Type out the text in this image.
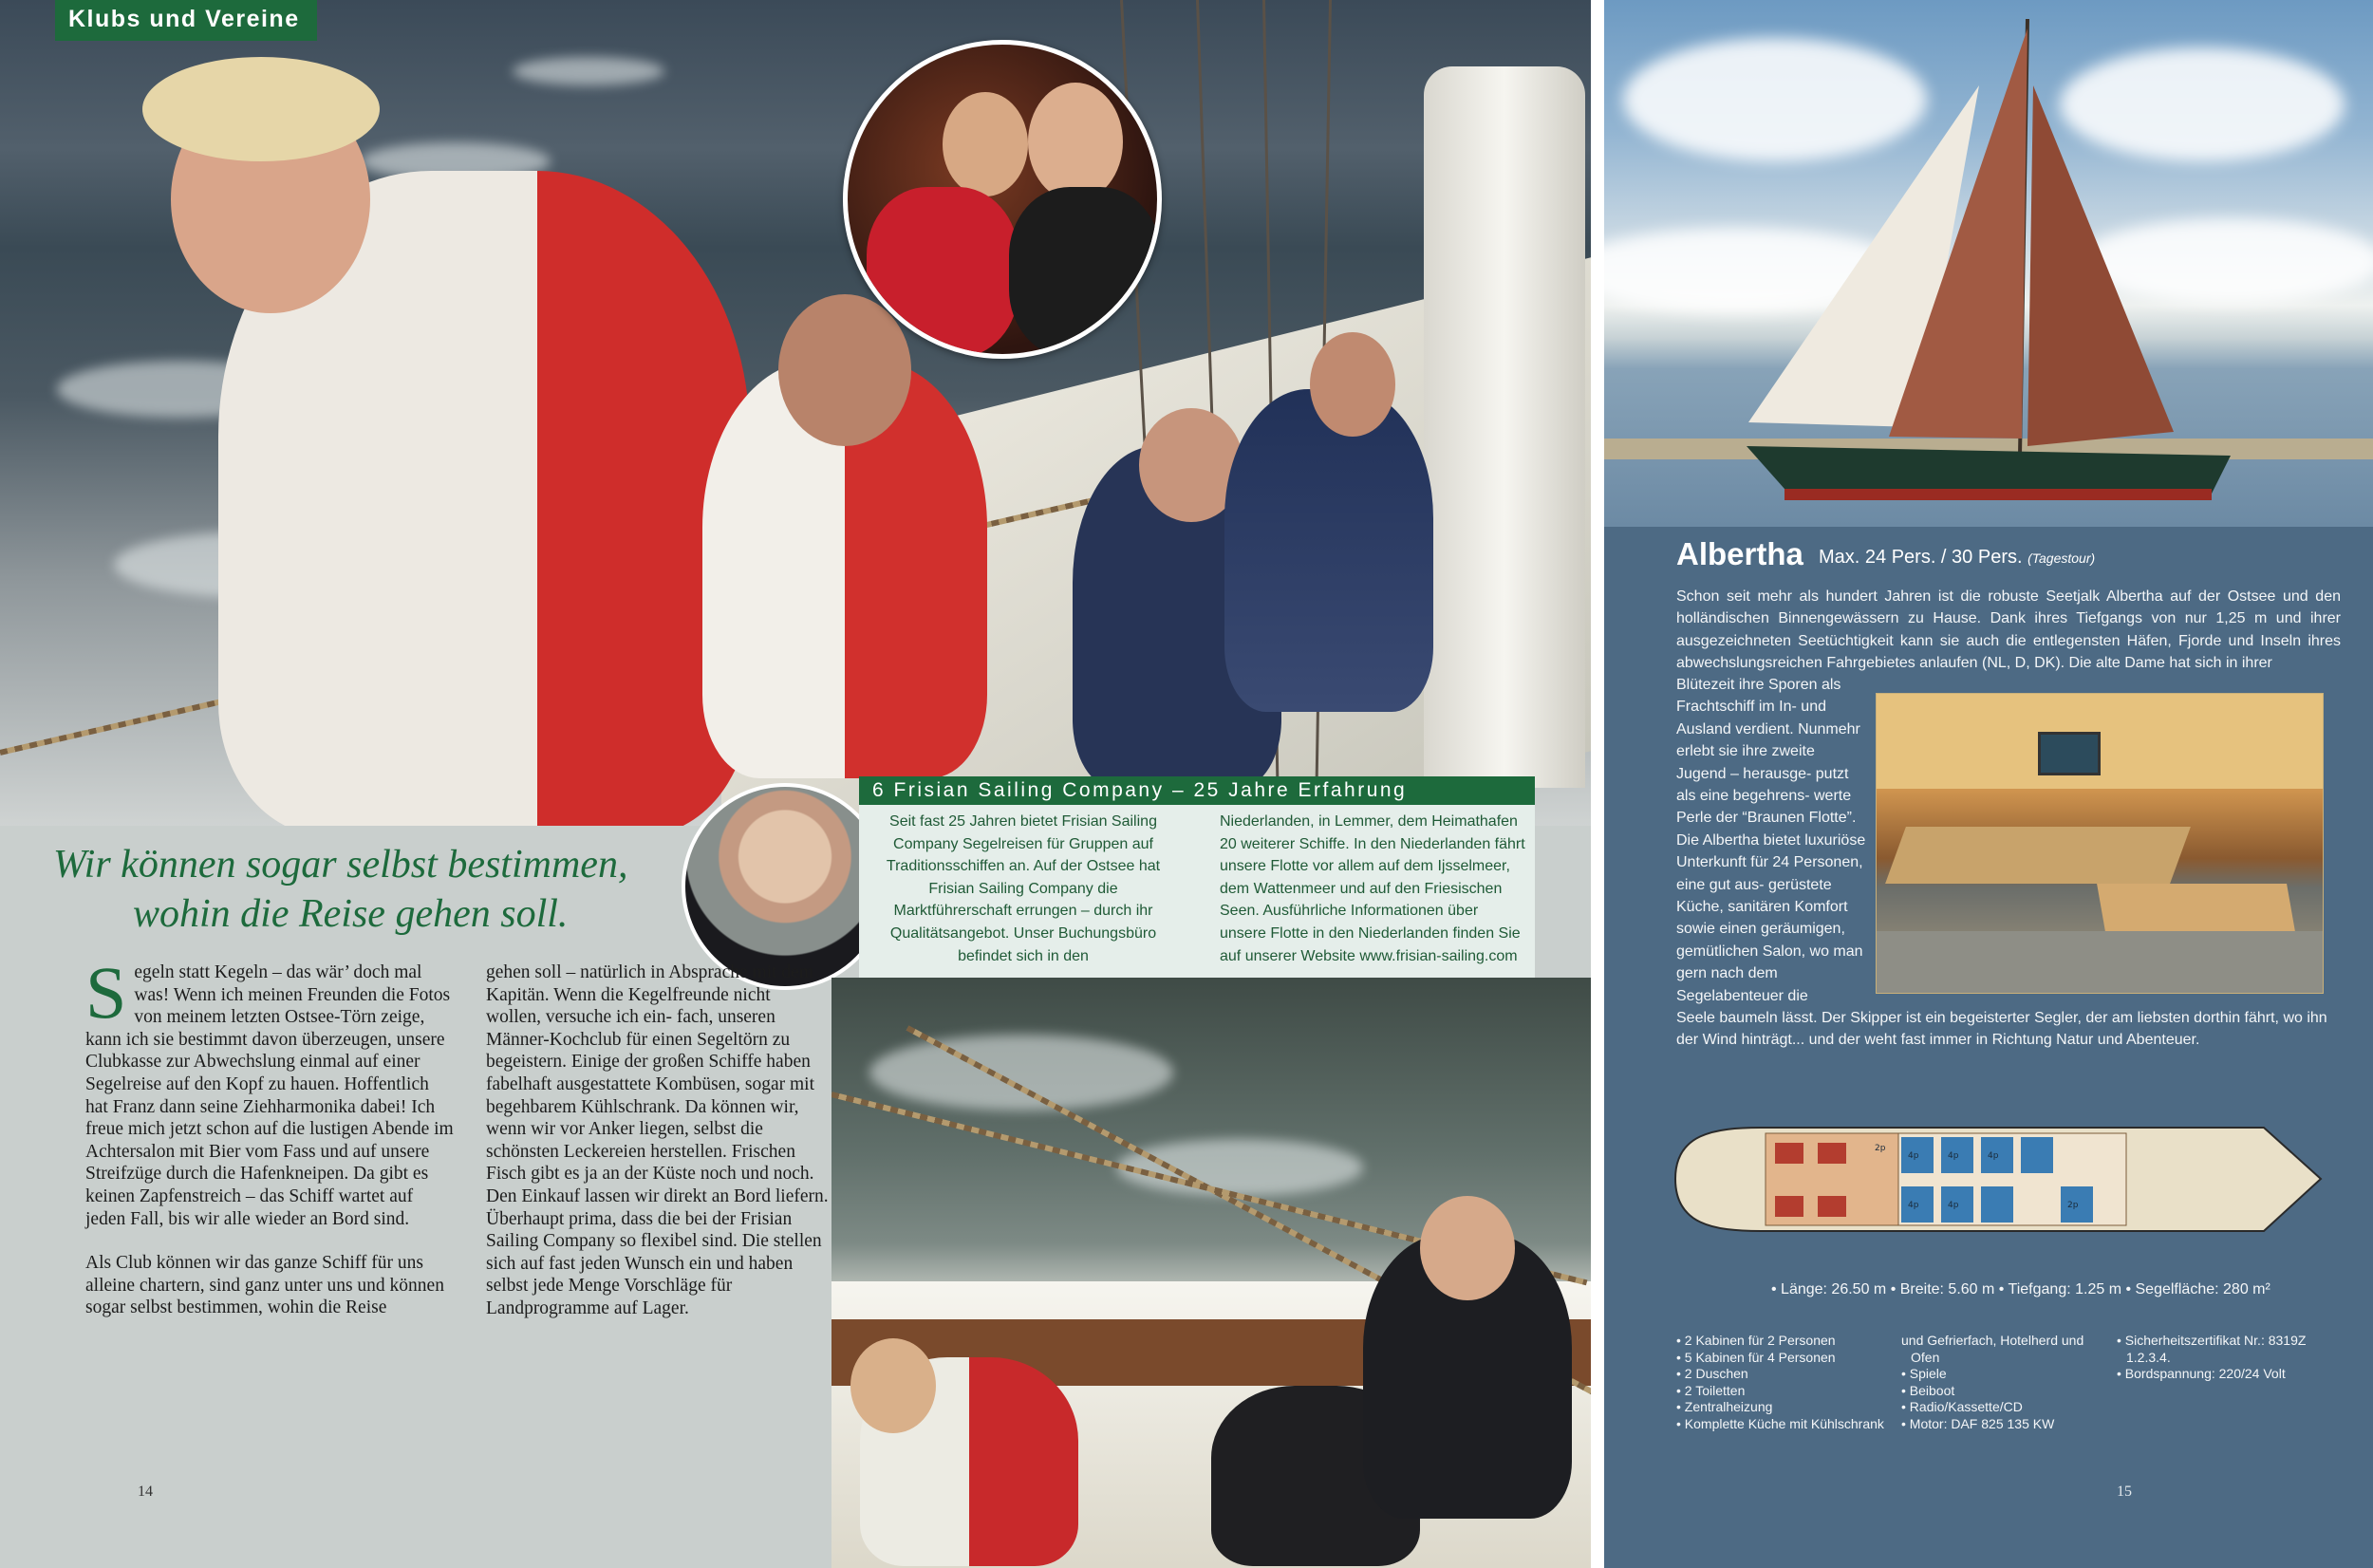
Klubs und Vereine
Wir können sogar selbst bestimmen,
wohin die Reise gehen soll.
S egeln statt Kegeln – das wär’ doch mal was! Wenn ich meinen Freunden die Fotos von meinem letzten Ostsee-Törn zeige, kann ich sie bestimmt davon überzeugen, unsere Clubkasse zur Abwechslung einmal auf einer Segelreise auf den Kopf zu hauen. Hoffentlich hat Franz dann seine Ziehharmonika dabei! Ich freue mich jetzt schon auf die lustigen Abende im Achtersalon mit Bier vom Fass und auf unsere Streifzüge durch die Hafenkneipen. Da gibt es keinen Zapfenstreich – das Schiff wartet auf jeden Fall, bis wir alle wieder an Bord sind.
Als Club können wir das ganze Schiff für uns alleine chartern, sind ganz unter uns und können sogar selbst bestimmen, wohin die Reise
gehen soll – natürlich in Absprache mit dem Kapitän. Wenn die Kegelfreunde nicht wollen, versuche ich ein- fach, unseren Männer-Kochclub für einen Segeltörn zu begeistern. Einige der großen Schiffe haben fabelhaft ausgestattete Kombüsen, sogar mit begehbarem Kühlschrank. Da können wir, wenn wir vor Anker liegen, selbst die schönsten Leckereien herstellen. Frischen Fisch gibt es ja an der Küste noch und noch. Den Einkauf lassen wir direkt an Bord liefern. Überhaupt prima, dass die bei der Frisian Sailing Company so flexibel sind. Die stellen sich auf fast jeden Wunsch ein und haben selbst jede Menge Vorschläge für Landprogramme auf Lager.
14
6 Frisian Sailing Company – 25 Jahre Erfahrung
Seit fast 25 Jahren bietet Frisian Sailing Company Segelreisen für Gruppen auf Traditionsschiffen an. Auf der Ostsee hat Frisian Sailing Company die Marktführerschaft errungen – durch ihr Qualitätsangebot. Unser Buchungsbüro befindet sich in den
Niederlanden, in Lemmer, dem Heimathafen 20 weiterer Schiffe. In den Niederlanden fährt unsere Flotte vor allem auf dem Ijsselmeer, dem Wattenmeer und auf den Friesischen Seen. Ausführliche Informationen über unsere Flotte in den Niederlanden finden Sie auf unserer Website www.frisian-sailing.com
Albertha Max. 24 Pers. / 30 Pers. (Tagestour)
Schon seit mehr als hundert Jahren ist die robuste Seetjalk Albertha auf der Ostsee und den holländischen Binnengewässern zu Hause. Dank ihres Tiefgangs von nur 1,25 m und ihrer ausgezeichneten Seetüchtigkeit kann sie auch die entlegensten Häfen, Fjorde und Inseln ihres abwechslungsreichen Fahrgebietes anlaufen (NL, D, DK). Die alte Dame hat sich in ihrer
Blütezeit ihre Sporen als Frachtschiff im In- und Ausland verdient. Nunmehr erlebt sie ihre zweite Jugend – herausge- putzt als eine begehrens- werte Perle der “Braunen Flotte”. Die Albertha bietet luxuriöse Unterkunft für 24 Personen, eine gut aus- gerüstete Küche, sanitären Komfort sowie einen geräumigen, gemütlichen Salon, wo man gern nach dem Segelabenteuer die
Seele baumeln lässt. Der Skipper ist ein begeisterter Segler, der am liebsten dorthin fährt, wo ihn der Wind hinträgt... und der weht fast immer in Richtung Natur und Abenteuer.
2p
4p	4p	4p
4p	4p	2p
• Länge: 26.50 m • Breite: 5.60 m • Tiefgang: 1.25 m • Segelfläche: 280 m²
• 2 Kabinen für 2 Personen
• 5 Kabinen für 4 Personen
• 2 Duschen
• 2 Toiletten
• Zentralheizung
• Komplette Küche mit Kühlschrank
und Gefrierfach, Hotelherd und
Ofen
• Spiele
• Beiboot
• Radio/Kassette/CD
• Motor: DAF 825 135 KW
• Sicherheitszertifikat Nr.: 8319Z
1.2.3.4.
• Bordspannung: 220/24 Volt
15
